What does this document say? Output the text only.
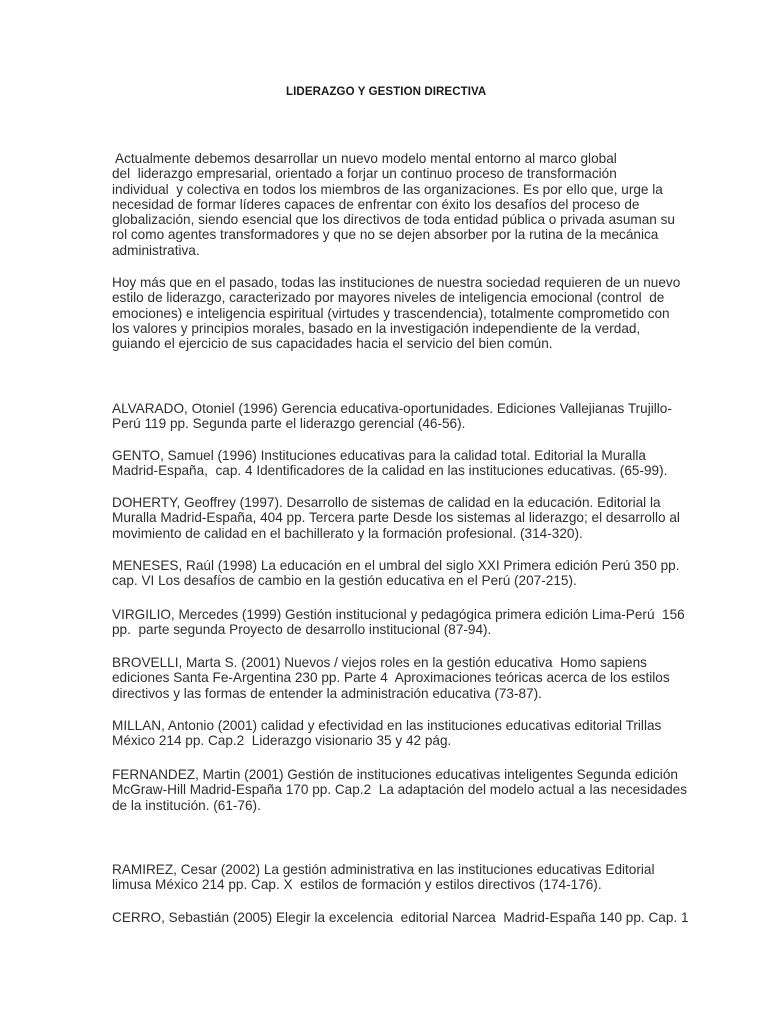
LIDERAZGO Y GESTION DIRECTIVA

Actualmente debemos desarrollar un nuevo modelo mental entorno al marco global
del  liderazgo empresarial, orientado a forjar un continuo proceso de transformación
individual  y colectiva en todos los miembros de las organizaciones. Es por ello que, urge la
necesidad de formar líderes capaces de enfrentar con éxito los desafíos del proceso de
globalización, siendo esencial que los directivos de toda entidad pública o privada asuman su
rol como agentes transformadores y que no se dejen absorber por la rutina de la mecánica
administrativa.

Hoy más que en el pasado, todas las instituciones de nuestra sociedad requieren de un nuevo
estilo de liderazgo, caracterizado por mayores niveles de inteligencia emocional (control  de
emociones) e inteligencia espiritual (virtudes y trascendencia), totalmente comprometido con
los valores y principios morales, basado en la investigación independiente de la verdad,
guiando el ejercicio de sus capacidades hacia el servicio del bien común.

ALVARADO, Otoniel (1996) Gerencia educativa-oportunidades. Ediciones Vallejianas Trujillo-
Perú 119 pp. Segunda parte el liderazgo gerencial (46-56).

GENTO, Samuel (1996) Instituciones educativas para la calidad total. Editorial la Muralla
Madrid-España,  cap. 4 Identificadores de la calidad en las instituciones educativas. (65-99).

DOHERTY, Geoffrey (1997). Desarrollo de sistemas de calidad en la educación. Editorial la
Muralla Madrid-España, 404 pp. Tercera parte Desde los sistemas al liderazgo; el desarrollo al
movimiento de calidad en el bachillerato y la formación profesional. (314-320).

MENESES, Raúl (1998) La educación en el umbral del siglo XXI Primera edición Perú 350 pp.
cap. VI Los desafíos de cambio en la gestión educativa en el Perú (207-215).

VIRGILIO, Mercedes (1999) Gestión institucional y pedagógica primera edición Lima-Perú  156
pp.  parte segunda Proyecto de desarrollo institucional (87-94).

BROVELLI, Marta S. (2001) Nuevos / viejos roles en la gestión educativa  Homo sapiens
ediciones Santa Fe-Argentina 230 pp. Parte 4  Aproximaciones teóricas acerca de los estilos
directivos y las formas de entender la administración educativa (73-87).

MILLAN, Antonio (2001) calidad y efectividad en las instituciones educativas editorial Trillas
México 214 pp. Cap.2  Liderazgo visionario 35 y 42 pág.

FERNANDEZ, Martin (2001) Gestión de instituciones educativas inteligentes Segunda edición
McGraw-Hill Madrid-España 170 pp. Cap.2  La adaptación del modelo actual a las necesidades
de la institución. (61-76).

RAMIREZ, Cesar (2002) La gestión administrativa en las instituciones educativas Editorial
limusa México 214 pp. Cap. X  estilos de formación y estilos directivos (174-176).

CERRO, Sebastián (2005) Elegir la excelencia  editorial Narcea  Madrid-España 140 pp. Cap. 1
